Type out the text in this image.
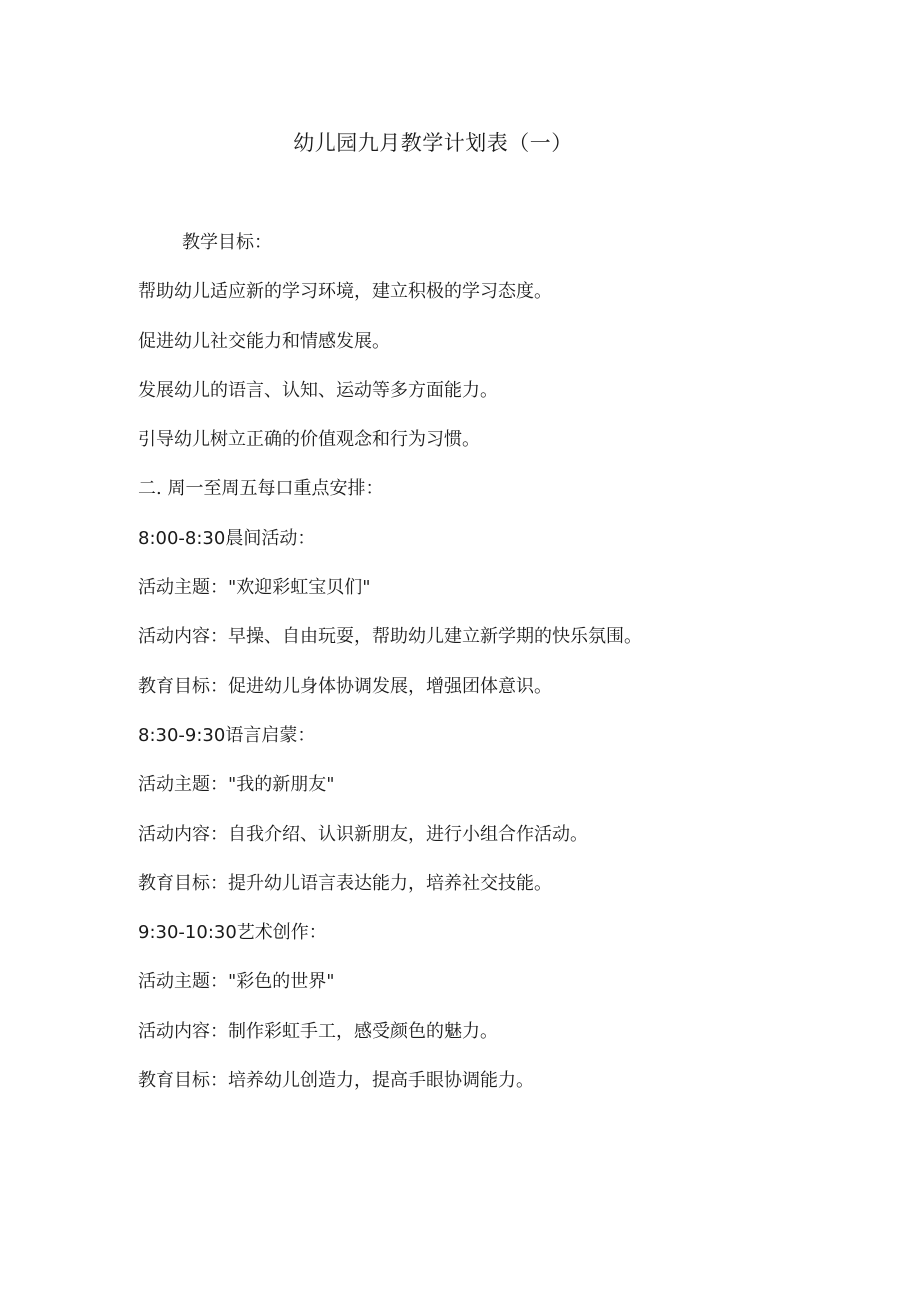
幼儿园九月教学计划表（一）
教学目标：
帮助幼儿适应新的学习环境，建立积极的学习态度。
促进幼儿社交能力和情感发展。
发展幼儿的语言、认知、运动等多方面能力。
引导幼儿树立正确的价值观念和行为习惯。
二. 周一至周五每口重点安排：
8:00-8:30晨间活动：
活动主题："欢迎彩虹宝贝们"
活动内容：早操、自由玩耍，帮助幼儿建立新学期的快乐氛围。
教育目标：促进幼儿身体协调发展，增强团体意识。
8:30-9:30语言启蒙：
活动主题："我的新朋友"
活动内容：自我介绍、认识新朋友，进行小组合作活动。
教育目标：提升幼儿语言表达能力，培养社交技能。
9:30-10:30艺术创作：
活动主题："彩色的世界"
活动内容：制作彩虹手工，感受颜色的魅力。
教育目标：培养幼儿创造力，提高手眼协调能力。
